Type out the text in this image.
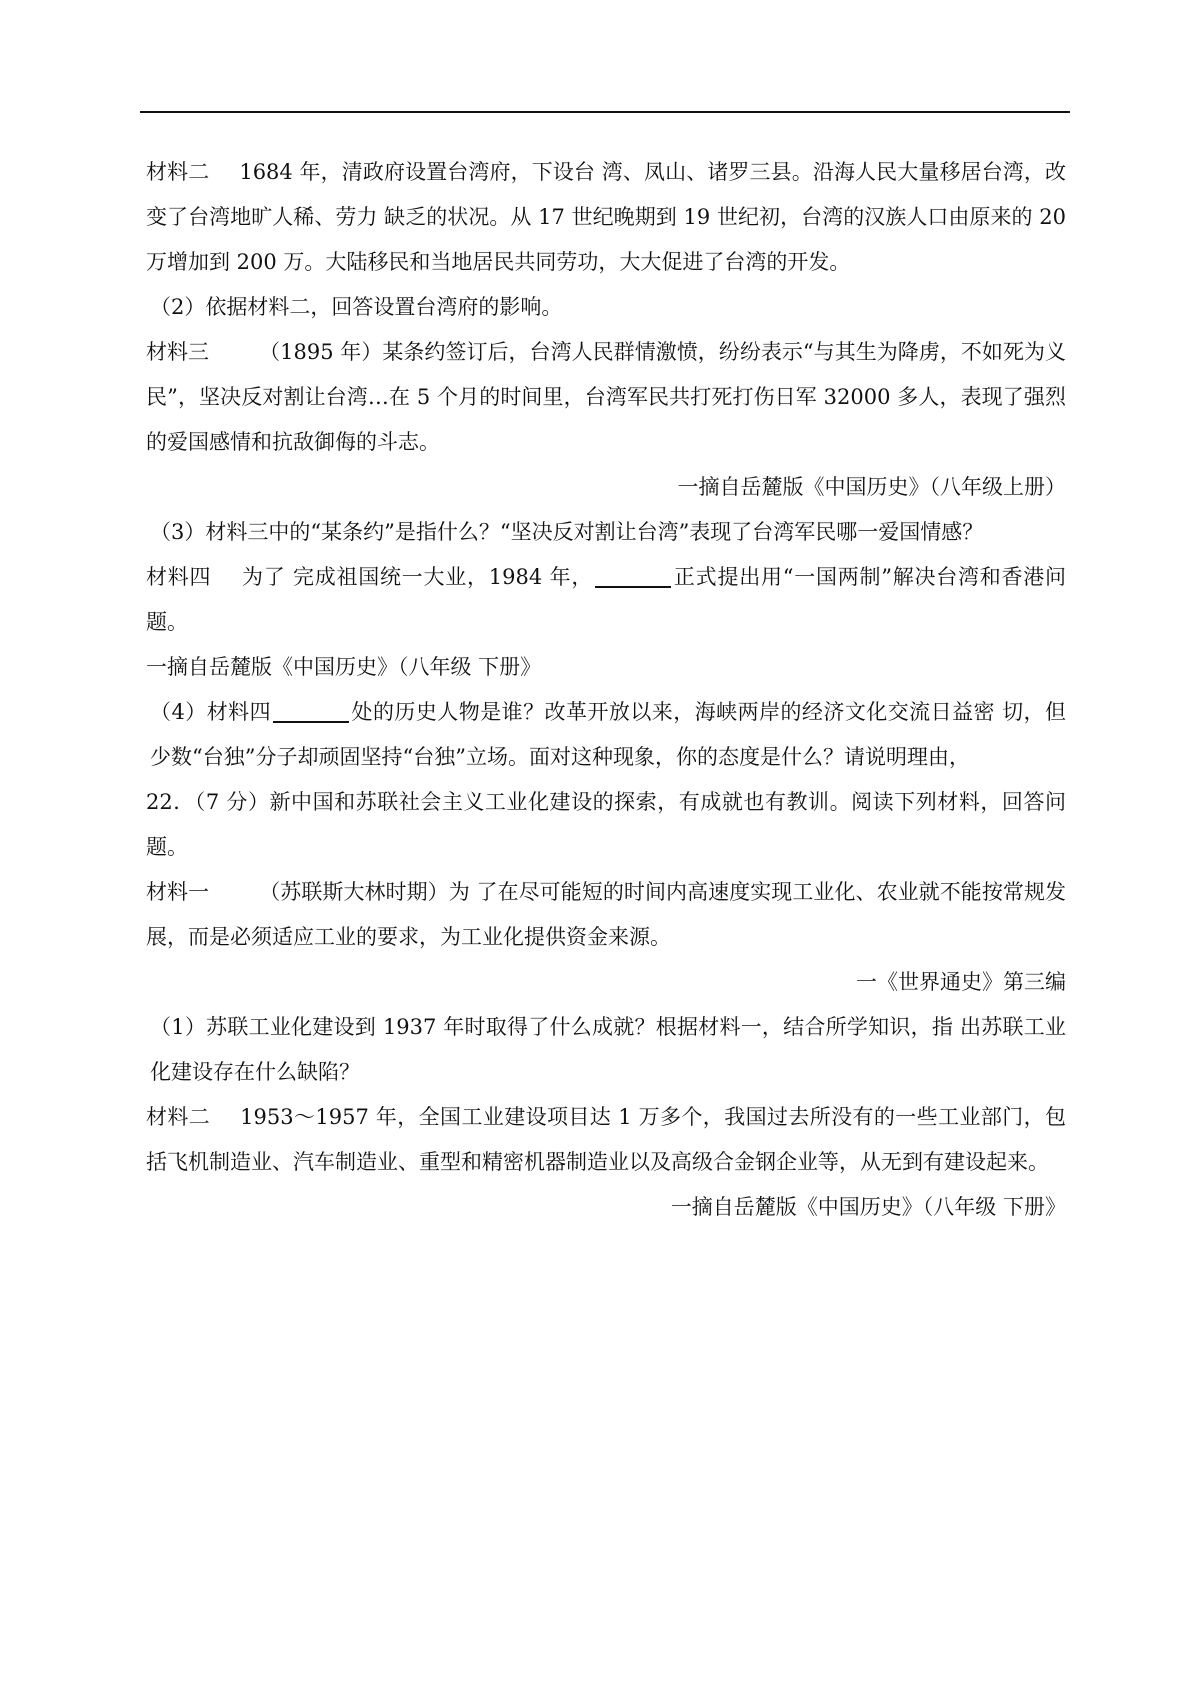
材料二 1684 年，清政府设置台湾府，下设台 湾、凤山、诸罗三县。沿海人民大量移居台湾，改变了台湾地旷人稀、劳力 缺乏的状况。从 17 世纪晚期到 19 世纪初，台湾的汉族人口由原来的 20 万增加到 200 万。大陆移民和当地居民共同劳功，大大促进了台湾的开发。

（2）依据材料二，回答设置台湾府的影响。

材料三 （1895 年）某条约签订后，台湾人民群情激愤，纷纷表示“与其生为降虏，不如死为义民”，坚决反对割让台湾…在 5 个月的时间里，台湾军民共打死打伤日军 32000 多人，表现了强烈的爱国感情和抗敌御侮的斗志。

一摘自岳麓版《中国历史》（八年级上册）

（3）材料三中的“某条约”是指什么？“坚决反对割让台湾”表现了台湾军民哪一爱国情感？

材料四 为了 完成祖国统一大业，1984 年，	正式提出用“一国两制”解决台湾和香港问题。

一摘自岳麓版《中国历史》（八年级 下册》

（4）材料四	处的历史人物是谁？改革开放以来，海峡两岸的经济文化交流日益密 切，但少数“台独”分子却顽固坚持“台独”立场。面对这种现象，你的态度是什么？请说明理由，

22．（7 分）新中国和苏联社会主义工业化建设的探索，有成就也有教训。阅读下列材料，回答问题。

材料一 （苏联斯大林时期）为 了在尽可能短的时间内高速度实现工业化、农业就不能按常规发展，而是必须适应工业的要求，为工业化提供资金来源。

一《世界通史》第三编

（1）苏联工业化建设到 1937 年时取得了什么成就？根据材料一，结合所学知识，指 出苏联工业化建设存在什么缺陷？

材料二 1953～1957 年，全国工业建设项目达 1 万多个，我国过去所没有的一些工业部门，包括飞机制造业、汽车制造业、重型和精密机器制造业以及高级合金钢企业等，从无到有建设起来。

一摘自岳麓版《中国历史》（八年级 下册》
